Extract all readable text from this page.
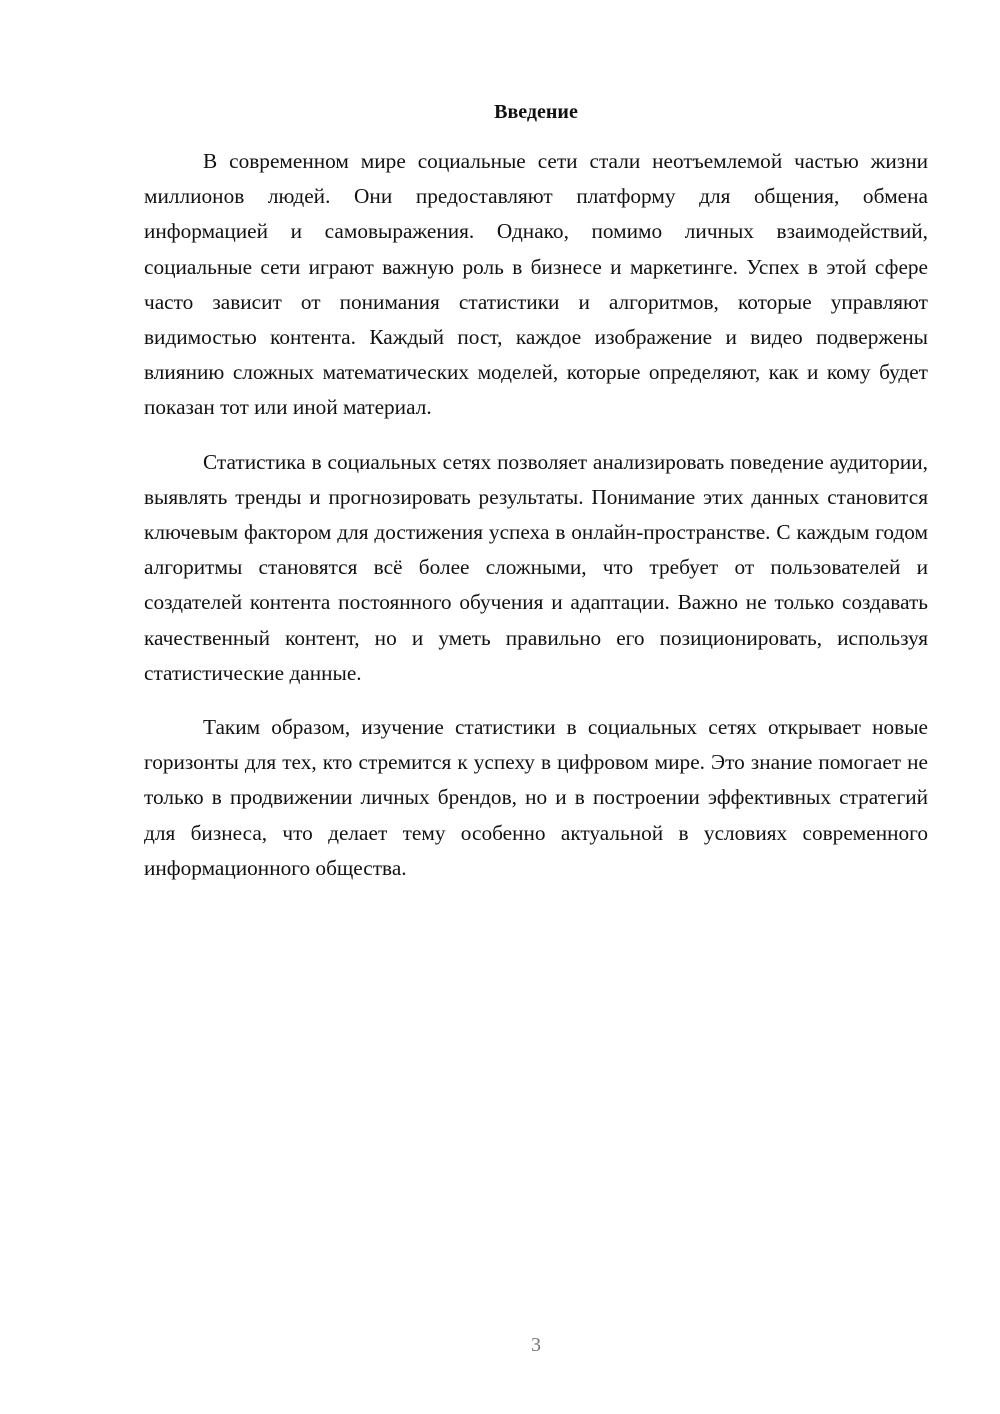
Введение

В современном мире социальные сети стали неотъемлемой частью жизни миллионов людей. Они предоставляют платформу для общения, обмена информацией и самовыражения. Однако, помимо личных взаимодействий, социальные сети играют важную роль в бизнесе и маркетинге. Успех в этой сфере часто зависит от понимания статистики и алгоритмов, которые управляют видимостью контента. Каждый пост, каждое изображение и видео подвержены влиянию сложных математических моделей, которые определяют, как и кому будет показан тот или иной материал.

Статистика в социальных сетях позволяет анализировать поведение аудитории, выявлять тренды и прогнозировать результаты. Понимание этих данных становится ключевым фактором для достижения успеха в онлайн-пространстве. С каждым годом алгоритмы становятся всё более сложными, что требует от пользователей и создателей контента постоянного обучения и адаптации. Важно не только создавать качественный контент, но и уметь правильно его позиционировать, используя статистические данные.

Таким образом, изучение статистики в социальных сетях открывает новые горизонты для тех, кто стремится к успеху в цифровом мире. Это знание помогает не только в продвижении личных брендов, но и в построении эффективных стратегий для бизнеса, что делает тему особенно актуальной в условиях современного информационного общества.

3
